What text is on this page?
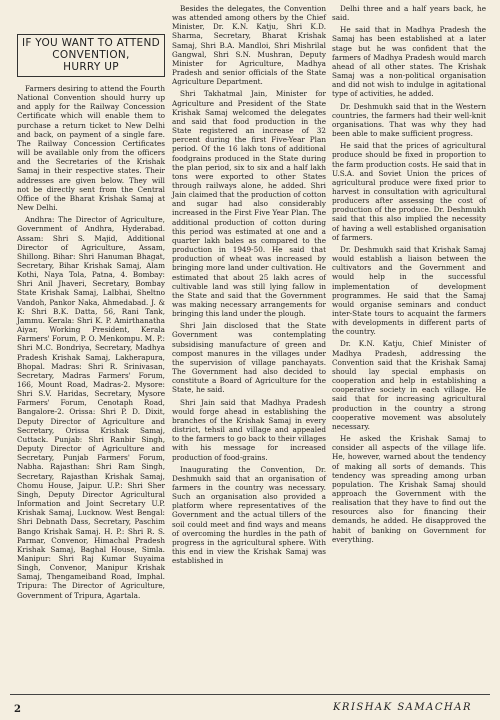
IF YOU WANT TO ATTEND
CONVENTION,
HURRY UP

Farmers desiring to attend the Fourth National Convention should hurry up and apply for the Railway Concession Certificate which will enable them to purchase a return ticket to New Delhi and back, on payment of a single fare. The Railway Concession Certificates will be available only from the officers and the Secretaries of the Krishak Samaj in their respective states. Their addresses are given below. They will not be directly sent from the Central Office of the Bharat Krishak Samaj at New Delhi.

Andhra: The Director of Agriculture, Government of Andhra, Hyderabad. Assam: Shri S. Majid, Additional Director of Agriculture, Assam, Shillong. Bihar: Shri Hanuman Bhagat, Secretary, Bihar Krishak Samaj, Alam Kothi, Naya Tola, Patna, 4. Bombay: Shri Anil Jhaveri, Secretary, Bombay State Krishak Samaj, Lalbhai, Sheltno Vandoh, Pankor Naka, Ahmedabad. J. & K: Shri B.K. Datta, 56, Rani Tank, Jammu. Kerala: Shri K. P. Amirthanatha Aiyar, Working President, Kerala Farmers' Forum, P. O. Menkompu. M. P.: Shri M.C. Bondriya, Secretary, Madhya Pradesh Krishak Samaj, Lakherapura, Bhopal. Madras: Shri R. Srinivasan, Secretary, Madras Farmers' Forum, 166, Mount Road, Madras-2. Mysore: Shri S.V. Haridas, Secretary, Mysore Farmers' Forum, Cenotaph Road, Bangalore-2. Orissa: Shri P. D. Dixit, Deputy Director of Agriculture and Secretary, Orissa Krishak Samaj, Cuttack. Punjab: Shri Ranbir Singh, Deputy Director of Agriculture and Secretary, Punjab Farmers' Forum, Nabha. Rajasthan: Shri Ram Singh, Secretary, Rajasthan Krishak Samaj, Chomu House, Jaipur. U.P.: Shri Sher Singh, Deputy Director Agricultural Information and Joint Secretary U.P. Krishak Samaj, Lucknow. West Bengal: Shri Debnath Dass, Secretary, Paschim Bango Krishak Samaj. H. P.: Shri R. S. Parmar, Convenor, Himachal Pradesh Krishak Samaj, Baghal House, Simla. Manipur: Shri Raj Kumar Suyaima Singh, Convenor, Manipur Krishak Samaj, Thengameiband Road, Imphal. Tripura: The Director of Agriculture, Government of Tripura, Agartala.

Besides the delegates, the Convention was attended among others by the Chief Minister, Dr. K.N. Katju, Shri K.D. Sharma, Secretary, Bharat Krishak Samaj, Shri B.A. Mandloi, Shri Mishrilal Gangwal, Shri S.N. Mushran, Deputy Minister for Agriculture, Madhya Pradesh and senior officials of the State Agriculture Department.

Shri Takhatmal Jain, Minister for Agriculture and President of the State Krishak Samaj welcomed the delegates and said that food production in the State registered an increase of 32 percent during the first Five-Year Plan period. Of the 16 lakh tons of additional foodgrains produced in the State during the plan period, six to six and a half lakh tons were exported to other States through railways alone, he added. Shri Jain claimed that the production of cotton and sugar had also considerably increased in the First Five Year Plan. The additional production of cotton during this period was estimated at one and a quarter lakh bales as compared to the production in 1949-50. He said that production of wheat was increased by bringing more land under cultivation. He estimated that about 25 lakh acres of cultivable land was still lying fallow in the State and said that the Government was making necessary arrangements for bringing this land under the plough.

Shri Jain disclosed that the State Government was contemplating subsidising manufacture of green and compost manures in the villages under the supervision of village panchayats. The Government had also decided to constitute a Board of Agriculture for the State, he said.

Shri Jain said that Madhya Pradesh would forge ahead in establishing the branches of the Krishak Samaj in every district, tehsil and village and appealed to the farmers to go back to their villages with his message for increased production of food-grains.

Inaugurating the Convention, Dr. Deshmukh said that an organisation of farmers in the country was necessary. Such an organisation also provided a platform where representatives of the Government and the actual tillers of the soil could meet and find ways and means of overcoming the hurdles in the path of progress in the agricultural sphere. With this end in view the Krishak Samaj was established in

Delhi three and a half years back, he said.

He said that in Madhya Pradesh the Samaj has been established at a later stage but he was confident that the farmers of Madhya Pradesh would march ahead of all other states. The Krishak Samaj was a non-political organisation and did not wish to indulge in agitational type of activities, he added.

Dr. Deshmukh said that in the Western countries, the farmers had their well-knit organisations. That was why they had been able to make sufficient progress.

He said that the prices of agricultural produce should be fixed in proportion to the farm production costs. He said that in U.S.A. and Soviet Union the prices of agricultural produce were fixed prior to harvest in consultation with agricultural producers after assessing the cost of production of the produce. Dr. Deshmukh said that this also implied the necessity of having a well established organisation of farmers.

Dr. Deshmukh said that Krishak Samaj would establish a liaison between the cultivators and the Government and would help in the successful implementation of development programmes. He said that the Samaj would organise seminars and conduct inter-State tours to acquaint the farmers with developments in different parts of the country.

Dr. K.N. Katju, Chief Minister of Madhya Pradesh, addressing the Convention said that the Krishak Samaj should lay special emphasis on cooperation and help in establishing a cooperative society in each village. He said that for increasing agricultural production in the country a strong cooperative movement was absolutely necessary.

He asked the Krishak Samaj to consider all aspects of the village life. He, however, warned about the tendency of making all sorts of demands. This tendency was spreading among urban population. The Krishak Samaj should approach the Government with the realisation that they have to find out the resources also for financing their demands, he added. He disapproved the habit of banking on Government for everything.

2	KRISHAK SAMACHAR
